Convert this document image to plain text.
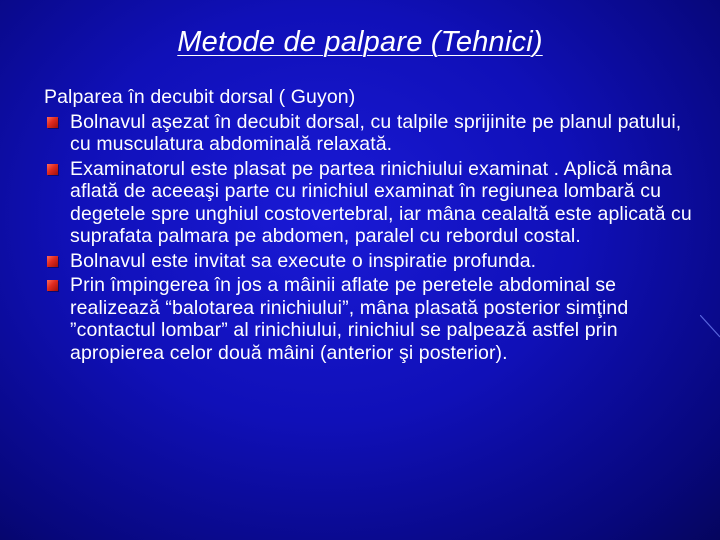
Metode de palpare (Tehnici)
Palparea în decubit dorsal ( Guyon)
Bolnavul aşezat în decubit dorsal, cu talpile sprijinite pe planul patului, cu musculatura abdominală relaxată.
Examinatorul este plasat pe partea rinichiului examinat . Aplică mâna aflată de aceeaşi parte cu rinichiul examinat în regiunea lombară cu degetele spre unghiul costovertebral, iar mâna cealaltă este aplicată cu suprafata palmara pe abdomen, paralel cu rebordul costal.
Bolnavul este invitat sa execute o inspiratie profunda.
Prin împingerea în jos a mâinii aflate pe peretele abdominal se realizează “balotarea rinichiului”, mâna plasată posterior simţind ”contactul lombar” al rinichiului, rinichiul se palpează astfel prin apropierea celor două mâini (anterior şi posterior).
